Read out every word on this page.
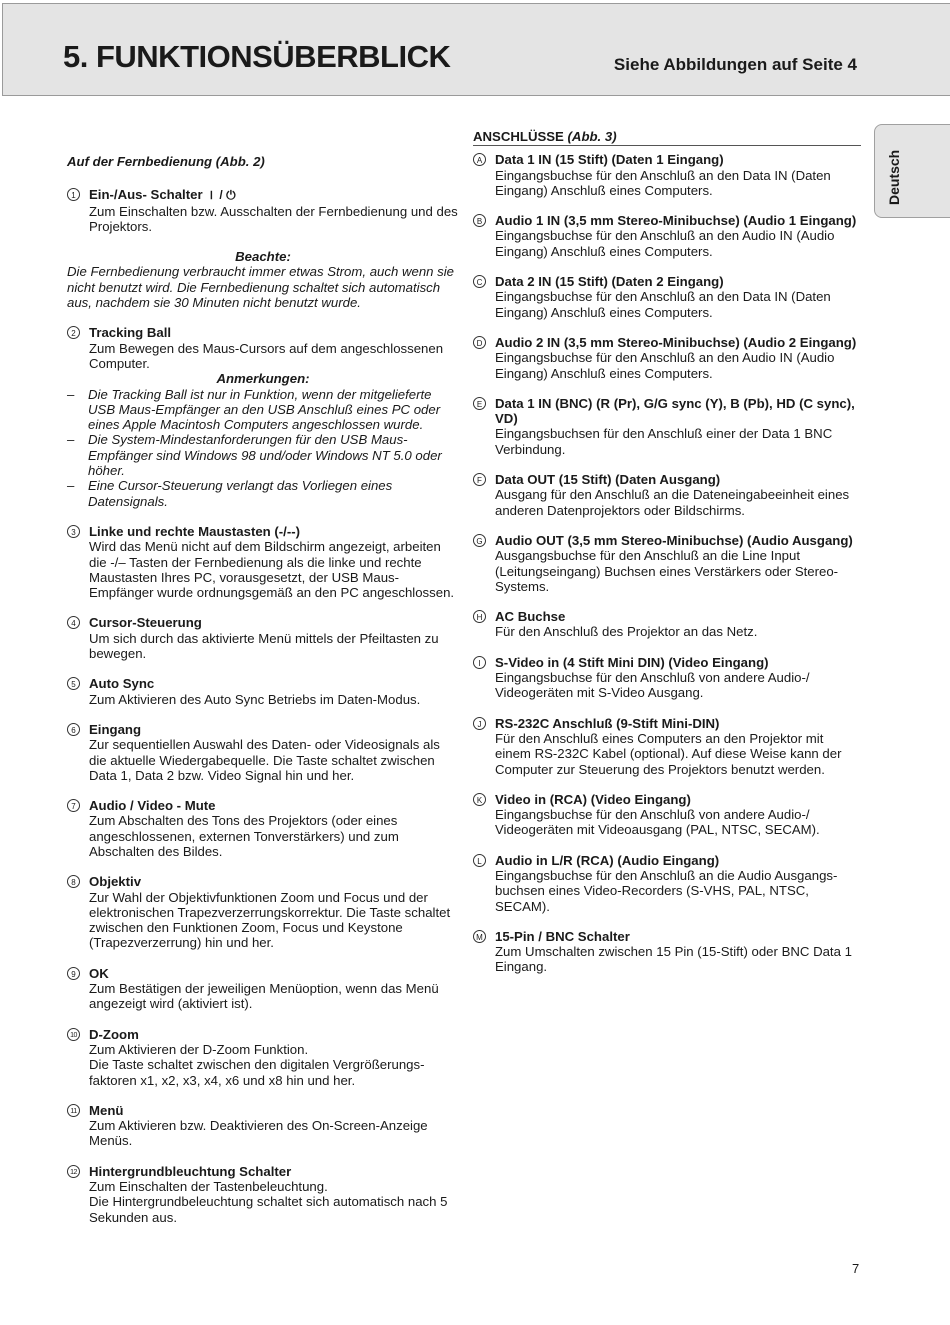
5. FUNKTIONSÜBERBLICK	Siehe Abbildungen auf Seite 4
Deutsch
Auf der Fernbedienung (Abb. 2)
1	Ein-/Aus- Schalter ⏽ / ⏻
Zum Einschalten bzw. Ausschalten der Fernbedienung und des Projektors.
Beachte:
Die Fernbedienung verbraucht immer etwas Strom, auch wenn sie nicht benutzt wird. Die Fernbedienung schaltet sich automatisch aus, nachdem sie 30 Minuten nicht benutzt wurde.
2	Tracking Ball
Zum Bewegen des Maus-Cursors auf dem angeschlossenen Computer.
Anmerkungen:
–	Die Tracking Ball ist nur in Funktion, wenn der mitgelieferte USB Maus-Empfänger an den USB Anschluß eines PC oder eines Apple Macintosh Computers angeschlossen wurde.
–	Die System-Mindestanforderungen für den USB Maus-Empfänger sind Windows 98 und/oder Windows NT 5.0 oder höher.
–	Eine Cursor-Steuerung verlangt das Vorliegen eines Datensignals.
3	Linke und rechte Maustasten (-/--)
Wird das Menü nicht auf dem Bildschirm angezeigt, arbeiten die -/– Tasten der Fernbedienung als die linke und rechte Maustasten Ihres PC, vorausgesetzt, der USB Maus-Empfänger wurde ordnungsgemäß an den PC angeschlossen.
4	Cursor-Steuerung
Um sich durch das aktivierte Menü mittels der Pfeiltasten zu bewegen.
5	Auto Sync
Zum Aktivieren des Auto Sync Betriebs im Daten-Modus.
6	Eingang
Zur sequentiellen Auswahl des Daten- oder Videosignals als die aktuelle Wiedergabequelle. Die Taste schaltet zwischen Data 1, Data 2 bzw. Video Signal hin und her.
7	Audio / Video - Mute
Zum Abschalten des Tons des Projektors (oder eines angeschlossenen, externen Tonverstärkers) und zum Abschalten des Bildes.
8	Objektiv
Zur Wahl der Objektivfunktionen Zoom und Focus und der elektronischen Trapezverzerrungskorrektur. Die Taste schaltet zwischen den Funktionen Zoom, Focus und Keystone (Trapezverzerrung) hin und her.
9	OK
Zum Bestätigen der jeweiligen Menüoption, wenn das Menü angezeigt wird (aktiviert ist).
10 D-Zoom
Zum Aktivieren der D-Zoom Funktion.
Die Taste schaltet zwischen den digitalen Vergrößerungs-faktoren x1, x2, x3, x4, x6 und x8 hin und her.
11 Menü
Zum Aktivieren bzw. Deaktivieren des On-Screen-Anzeige Menüs.
12 Hintergrundbleuchtung Schalter
Zum Einschalten der Tastenbeleuchtung.
Die Hintergrundbeleuchtung schaltet sich automatisch nach 5 Sekunden aus.
ANSCHLÜSSE (Abb. 3)
A Data 1 IN (15 Stift) (Daten 1 Eingang)
Eingangsbuchse für den Anschluß an den Data IN (Daten Eingang) Anschluß eines Computers.
B Audio 1 IN (3,5 mm Stereo-Minibuchse) (Audio 1 Eingang)
Eingangsbuchse für den Anschluß an den Audio IN (Audio Eingang) Anschluß eines Computers.
C Data 2 IN (15 Stift) (Daten 2 Eingang)
Eingangsbuchse für den Anschluß an den Data IN (Daten Eingang) Anschluß eines Computers.
D Audio 2 IN (3,5 mm Stereo-Minibuchse) (Audio 2 Eingang)
Eingangsbuchse für den Anschluß an den Audio IN (Audio Eingang) Anschluß eines Computers.
E Data 1 IN (BNC) (R (Pr), G/G sync (Y), B (Pb), HD (C sync), VD)
Eingangsbuchsen für den Anschluß einer der Data 1 BNC Verbindung.
F Data OUT (15 Stift) (Daten Ausgang)
Ausgang für den Anschluß an die Dateneingabeeinheit eines anderen Datenprojektors oder Bildschirms.
G Audio OUT (3,5 mm Stereo-Minibuchse) (Audio Ausgang)
Ausgangsbuchse für den Anschluß an die Line Input (Leitungseingang) Buchsen eines Verstärkers oder Stereo-Systems.
H AC Buchse
Für den Anschluß des Projektor an das Netz.
I	S-Video in (4 Stift Mini DIN) (Video Eingang)
Eingangsbuchse für den Anschluß von andere Audio-/ Videogeräten mit S-Video Ausgang.
J	RS-232C Anschluß (9-Stift Mini-DIN)
Für den Anschluß eines Computers an den Projektor mit einem RS-232C Kabel (optional). Auf diese Weise kann der Computer zur Steuerung des Projektors benutzt werden.
K Video in (RCA) (Video Eingang)
Eingangsbuchse für den Anschluß von andere Audio-/ Videogeräten mit Videoausgang (PAL, NTSC, SECAM).
L	Audio in L/R (RCA) (Audio Eingang)
Eingangsbuchse für den Anschluß an die Audio Ausgangs-buchsen eines Video-Recorders (S-VHS, PAL, NTSC, SECAM).
M 15-Pin / BNC Schalter
Zum Umschalten zwischen 15 Pin (15-Stift) oder BNC Data 1 Eingang.
7
